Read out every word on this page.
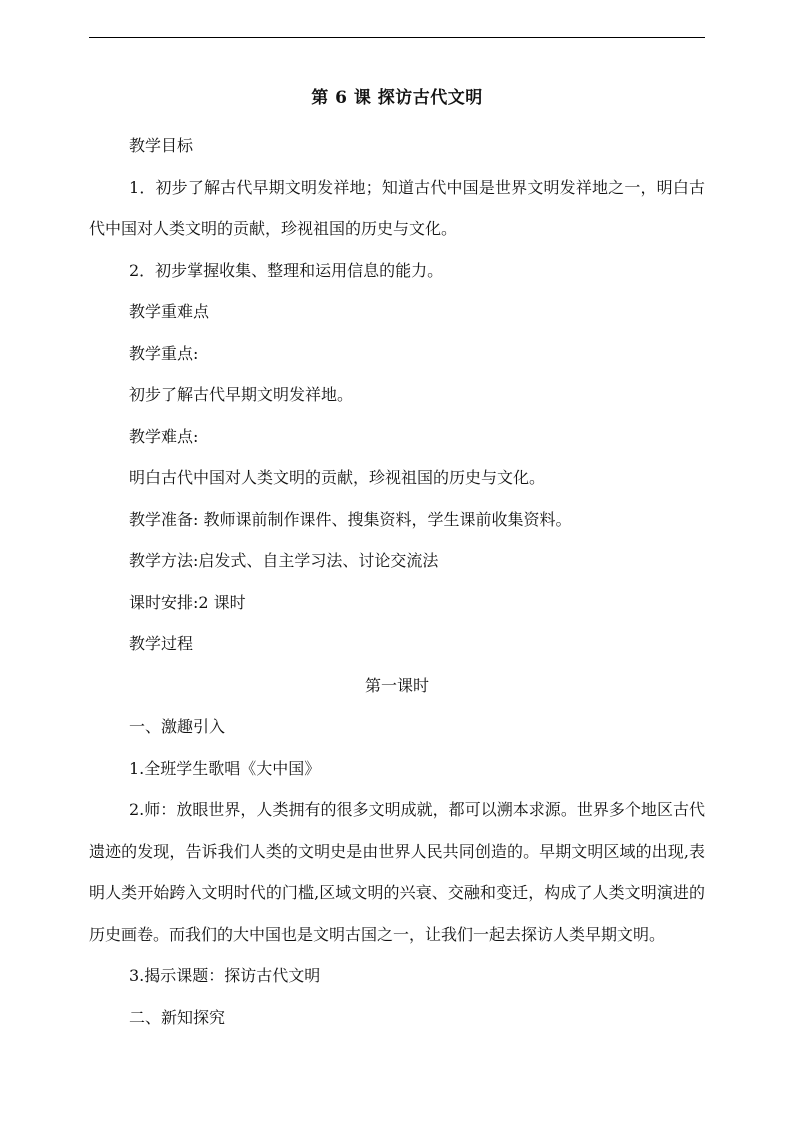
第 6 课 探访古代文明

教学目标

1．初步了解古代早期文明发祥地；知道古代中国是世界文明发祥地之一，明白古代中国对人类文明的贡献，珍视祖国的历史与文化。

2．初步掌握收集、整理和运用信息的能力。

教学重难点

教学重点:

初步了解古代早期文明发祥地。

教学难点:

明白古代中国对人类文明的贡献，珍视祖国的历史与文化。

教学准备: 教师课前制作课件、搜集资料，学生课前收集资料。

教学方法:启发式、自主学习法、讨论交流法

课时安排:2 课时

教学过程

第一课时

一、激趣引入

1.全班学生歌唱《大中国》

2.师：放眼世界，人类拥有的很多文明成就，都可以溯本求源。世界多个地区古代遗迹的发现，告诉我们人类的文明史是由世界人民共同创造的。早期文明区域的出现,表明人类开始跨入文明时代的门槛,区域文明的兴衰、交融和变迁，构成了人类文明演进的历史画卷。而我们的大中国也是文明古国之一，让我们一起去探访人类早期文明。

3.揭示课题：探访古代文明

二、新知探究
